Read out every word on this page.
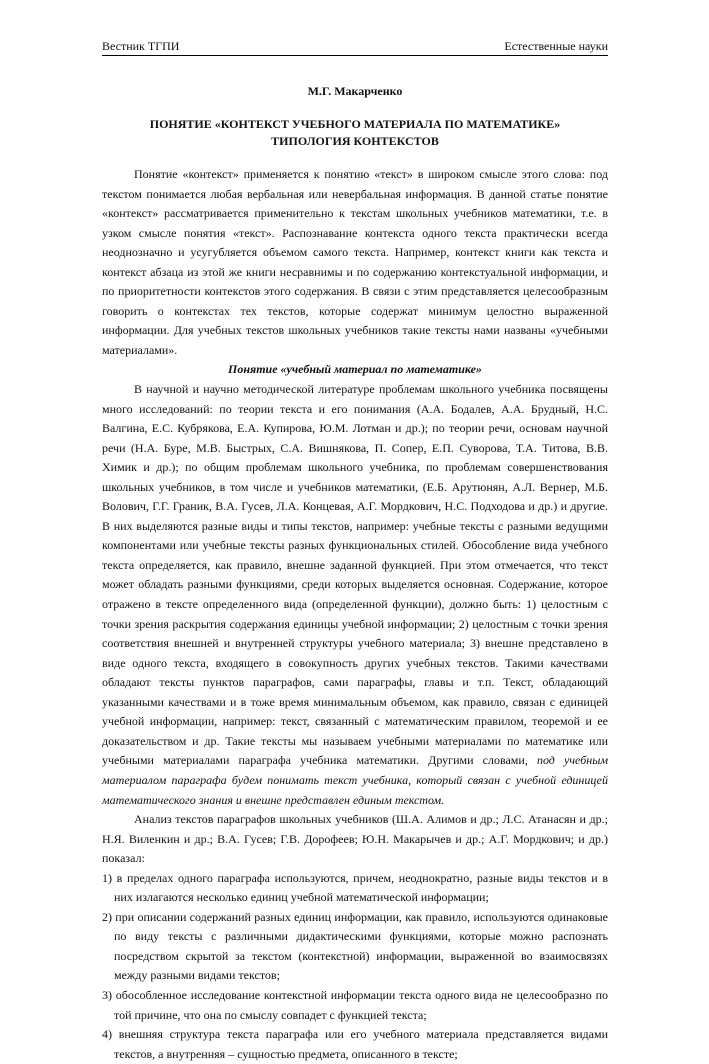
Вестник ТГПИ	Естественные науки
М.Г. Макарченко
ПОНЯТИЕ «КОНТЕКСТ УЧЕБНОГО МАТЕРИАЛА ПО МАТЕМАТИКЕ»
ТИПОЛОГИЯ КОНТЕКСТОВ

Понятие «контекст» применяется к понятию «текст» в широком смысле этого слова: под текстом понимается любая вербальная или невербальная информация. В данной статье понятие «контекст» рассматривается применительно к текстам школьных учебников математики, т.е. в узком смысле понятия «текст». Распознавание контекста одного текста практически всегда неоднозначно и усугубляется объемом самого текста. Например, контекст книги как текста и контекст абзаца из этой же книги несравнимы и по содержанию контекстуальной информации, и по приоритетности контекстов этого содержания. В связи с этим представляется целесообразным говорить о контекстах тех текстов, которые содержат минимум целостно выраженной информации. Для учебных текстов школьных учебников такие тексты нами названы «учебными материалами».

Понятие «учебный материал по математике»

В научной и научно методической литературе проблемам школьного учебника посвящены много исследований: по теории текста и его понимания (А.А. Бодалев, А.А. Брудный, Н.С. Валгина, Е.С. Кубрякова, Е.А. Купирова, Ю.М. Лотман и др.); по теории речи, основам научной речи (Н.А. Буре, М.В. Быстрых, С.А. Вишнякова, П. Сопер, Е.П. Суворова, Т.А. Титова, В.В. Химик и др.); по общим проблемам школьного учебника, по проблемам совершенствования школьных учебников, в том числе и учебников математики, (Е.Б. Арутюнян, А.Л. Вернер, М.Б. Волович, Г.Г. Граник, В.А. Гусев, Л.А. Концевая, А.Г. Мордкович, Н.С. Подходова и др.) и другие. В них выделяются разные виды и типы текстов, например: учебные тексты с разными ведущими компонентами или учебные тексты разных функциональных стилей. Обособление вида учебного текста определяется, как правило, внешне заданной функцией. При этом отмечается, что текст может обладать разными функциями, среди которых выделяется основная. Содержание, которое отражено в тексте определенного вида (определенной функции), должно быть: 1) целостным с точки зрения раскрытия содержания единицы учебной информации; 2) целостным с точки зрения соответствия внешней и внутренней структуры учебного материала; 3) внешне представлено в виде одного текста, входящего в совокупность других учебных текстов. Такими качествами обладают тексты пунктов параграфов, сами параграфы, главы и т.п. Текст, обладающий указанными качествами и в тоже время минимальным объемом, как правило, связан с единицей учебной информации, например: текст, связанный с математическим правилом, теоремой и ее доказательством и др. Такие тексты мы называем учебными материалами по математике или учебными материалами параграфа учебника математики. Другими словами, под учебным материалом параграфа будем понимать текст учебника, который связан с учебной единицей математического знания и внешне представлен единым текстом.

Анализ текстов параграфов школьных учебников (Ш.А. Алимов и др.; Л.С. Атанасян и др.; Н.Я. Виленкин и др.; В.А. Гусев; Г.В. Дорофеев; Ю.Н. Макарычев и др.; А.Г. Мордкович; и др.) показал:

1) в пределах одного параграфа используются, причем, неоднократно, разные виды текстов и в них излагаются несколько единиц учебной математической информации;
2) при описании содержаний разных единиц информации, как правило, используются одинаковые по виду тексты с различными дидактическими функциями, которые можно распознать посредством скрытой за текстом (контекстной) информации, выраженной во взаимосвязях между разными видами текстов;
3) обособленное исследование контекстной информации текста одного вида не целесообразно по той причине, что она по смыслу совпадет с функцией текста;
4) внешняя структура текста параграфа или его учебного материала представляется видами текстов, а внутренняя – сущностью предмета, описанного в тексте;
